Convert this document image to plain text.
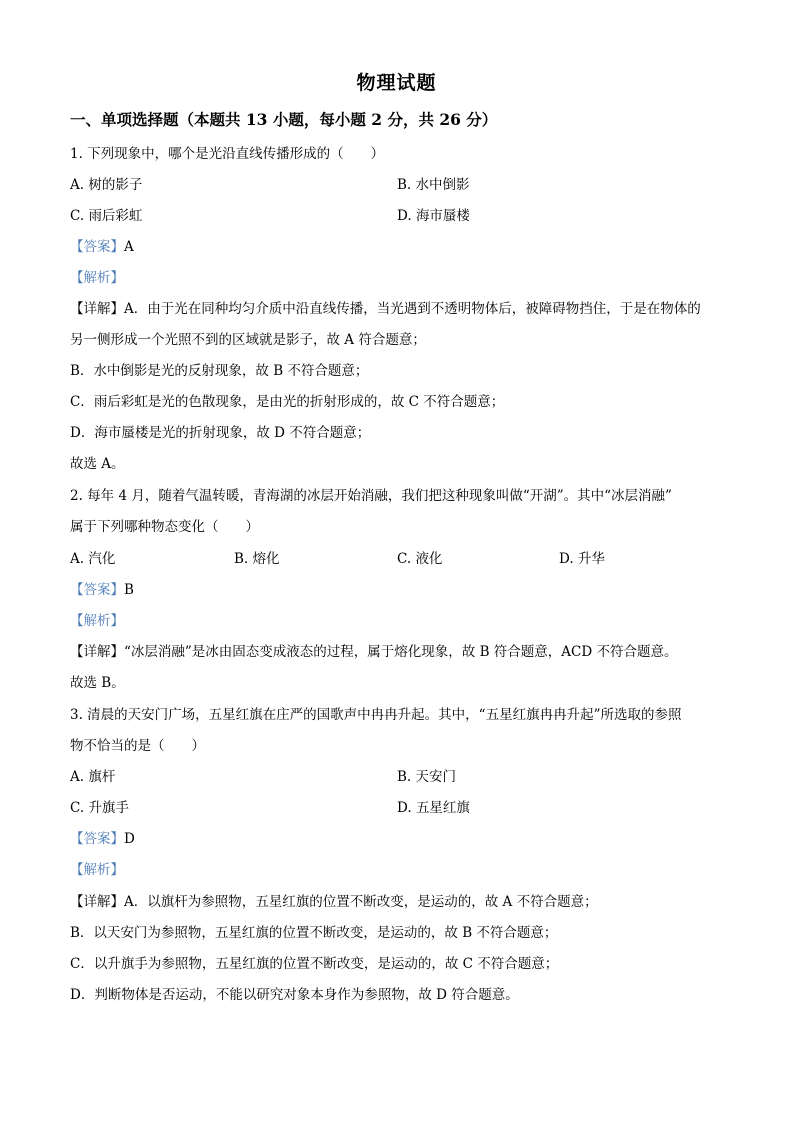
物理试题
一、单项选择题（本题共 13 小题，每小题 2 分，共 26 分）
1. 下列现象中，哪个是光沿直线传播形成的（　　）
A. 树的影子	B. 水中倒影
C. 雨后彩虹	D. 海市蜃楼
【答案】A
【解析】
【详解】A．由于光在同种均匀介质中沿直线传播，当光遇到不透明物体后，被障碍物挡住，于是在物体的
另一侧形成一个光照不到的区域就是影子，故 A 符合题意；
B．水中倒影是光的反射现象，故 B 不符合题意；
C．雨后彩虹是光的色散现象，是由光的折射形成的，故 C 不符合题意；
D．海市蜃楼是光的折射现象，故 D 不符合题意；
故选 A。
2. 每年 4 月，随着气温转暖，青海湖的冰层开始消融，我们把这种现象叫做“开湖”。其中“冰层消融”
属于下列哪种物态变化（　　）
A. 汽化	B. 熔化	C. 液化	D. 升华
【答案】B
【解析】
【详解】“冰层消融”是冰由固态变成液态的过程，属于熔化现象，故 B 符合题意，ACD 不符合题意。
故选 B。
3. 清晨的天安门广场，五星红旗在庄严的国歌声中冉冉升起。其中，“五星红旗冉冉升起”所选取的参照
物不恰当的是（　　）
A. 旗杆	B. 天安门
C. 升旗手	D. 五星红旗
【答案】D
【解析】
【详解】A．以旗杆为参照物，五星红旗的位置不断改变，是运动的，故 A 不符合题意；
B．以天安门为参照物，五星红旗的位置不断改变，是运动的，故 B 不符合题意；
C．以升旗手为参照物，五星红旗的位置不断改变，是运动的，故 C 不符合题意；
D．判断物体是否运动，不能以研究对象本身作为参照物，故 D 符合题意。
